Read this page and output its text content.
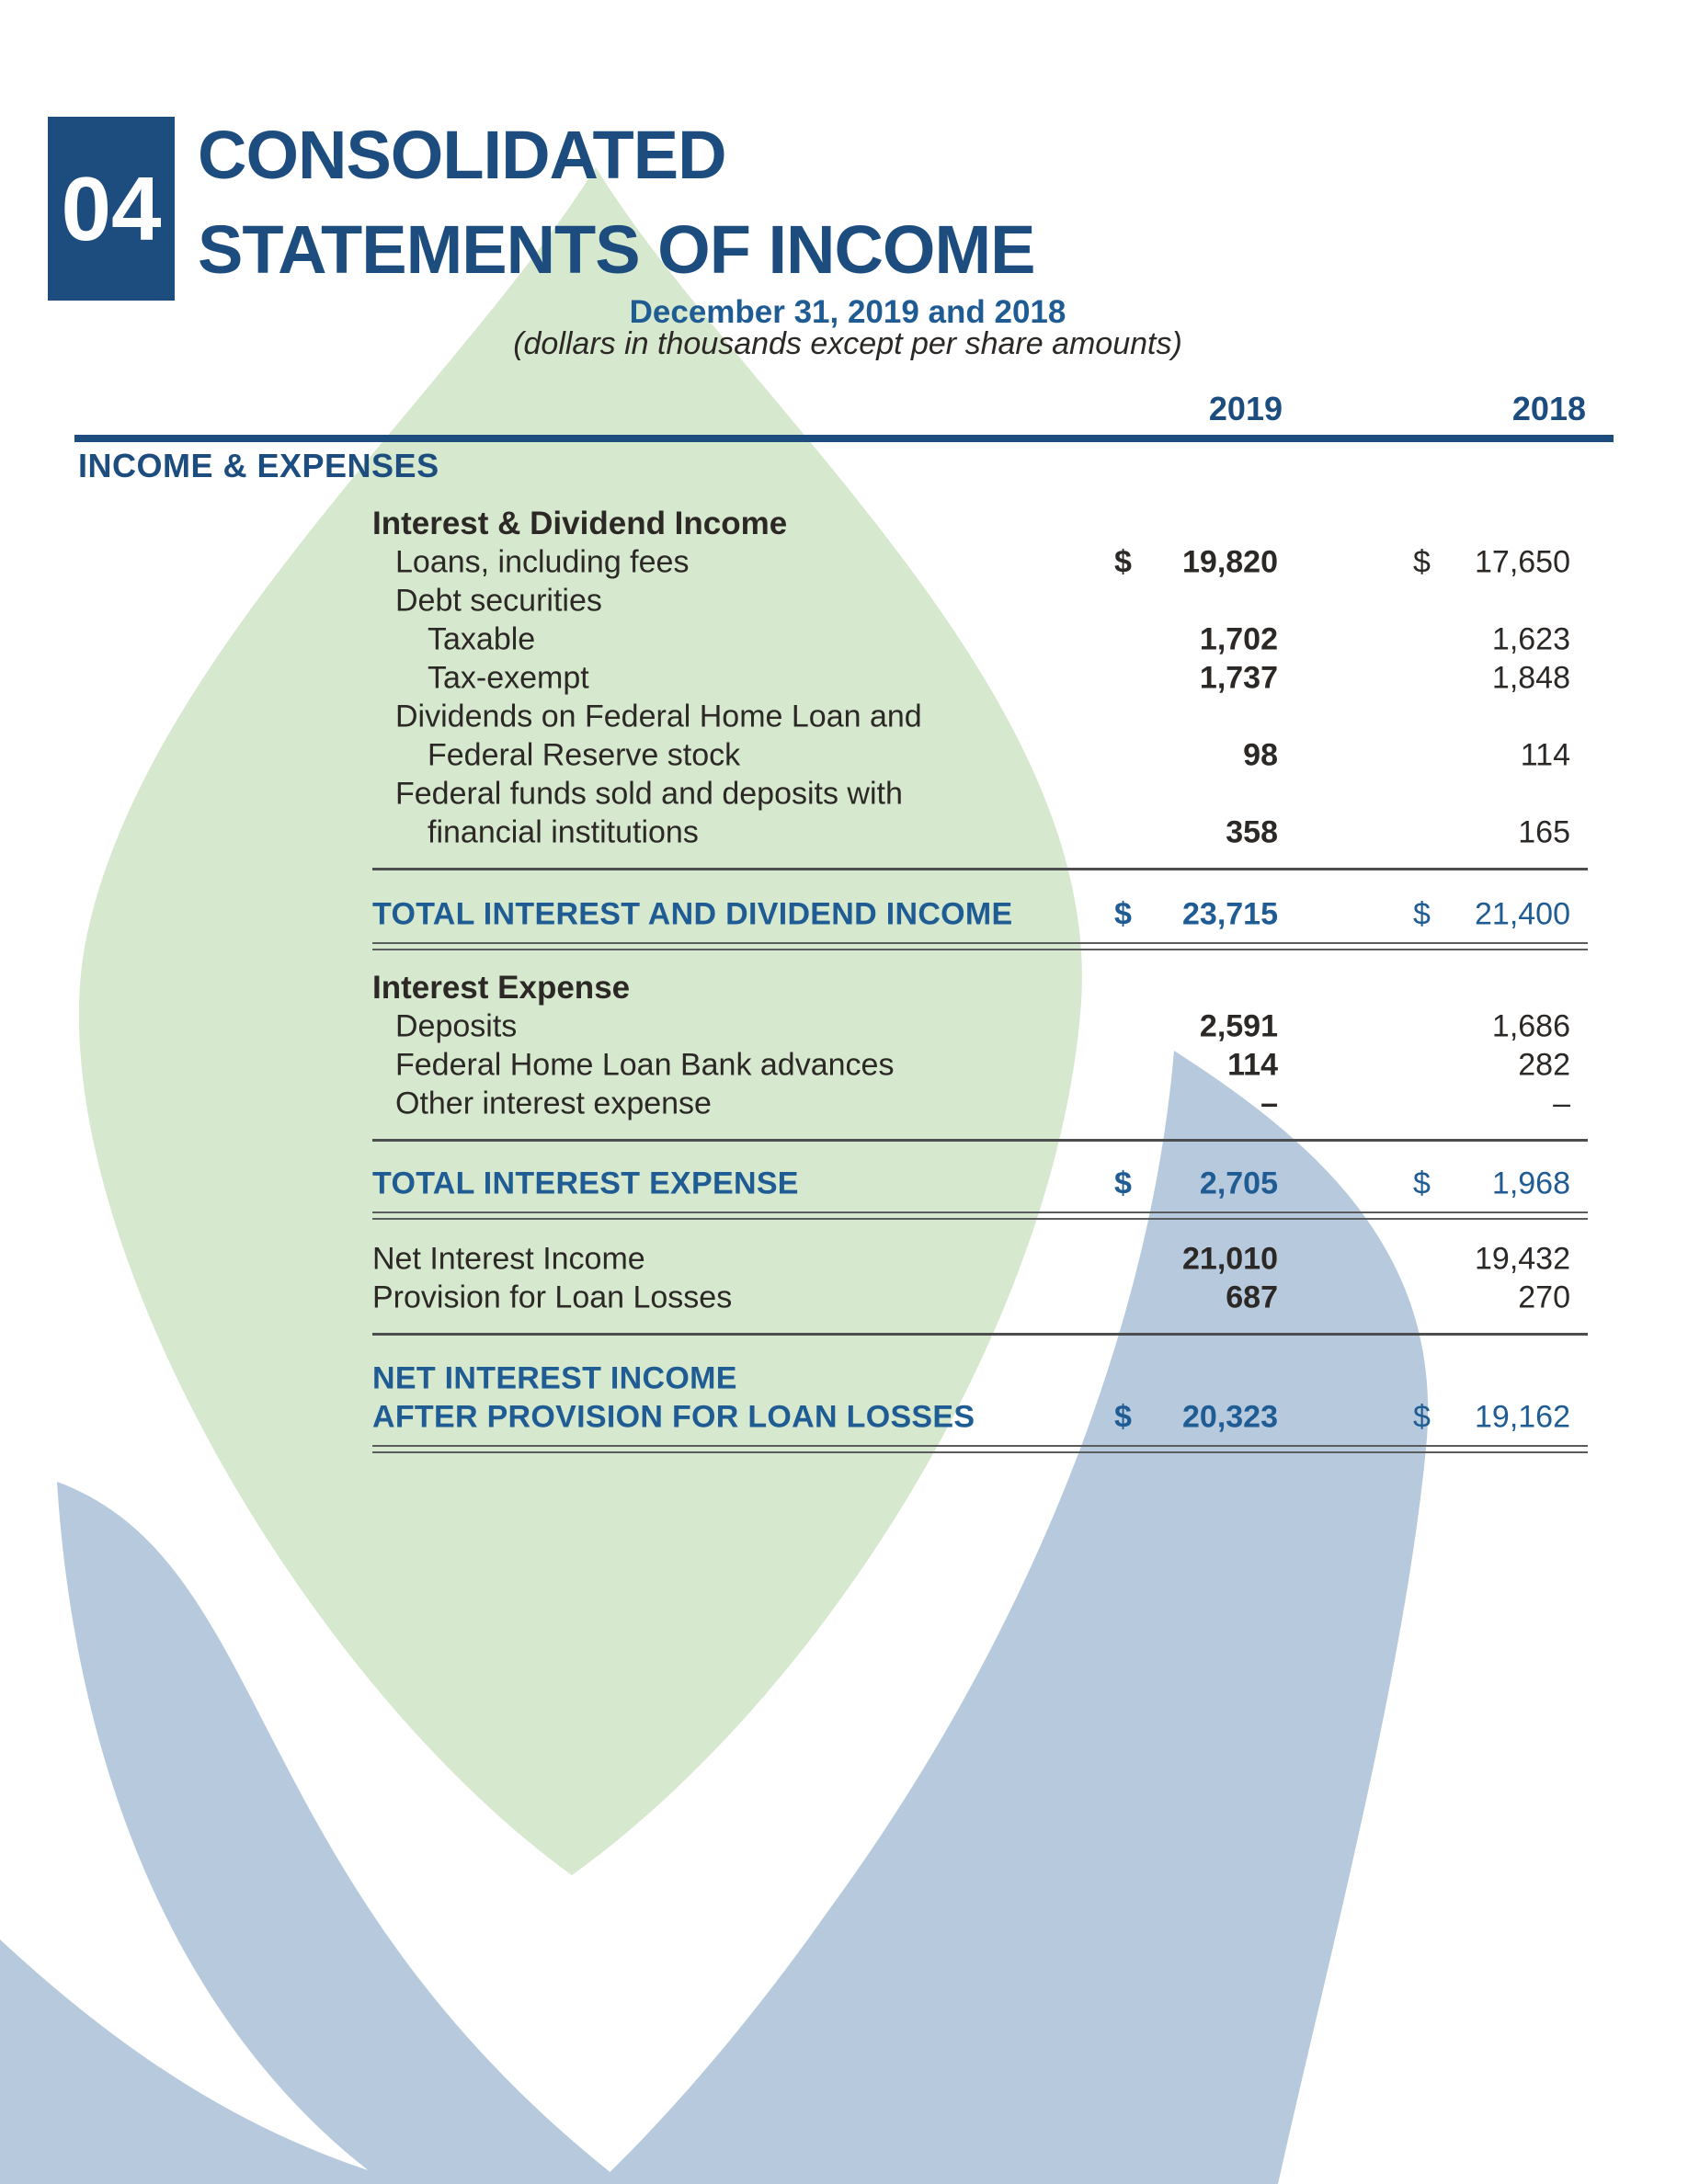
04
CONSOLIDATED
STATEMENTS OF INCOME
December 31, 2019 and 2018
(dollars in thousands except per share amounts)
2019	2018
INCOME & EXPENSES
Interest & Dividend Income
Loans, including fees	$ 19,820	$ 17,650
Debt securities
Taxable	1,702	1,623
Tax-exempt	1,737	1,848
Dividends on Federal Home Loan and
Federal Reserve stock	98	114
Federal funds sold and deposits with
financial institutions	358	165
TOTAL INTEREST AND DIVIDEND INCOME	$ 23,715	$ 21,400
Interest Expense
Deposits	2,591	1,686
Federal Home Loan Bank advances	114	282
Other interest expense	–	–
TOTAL INTEREST EXPENSE	$ 2,705	$ 1,968
Net Interest Income	21,010	19,432
Provision for Loan Losses	687	270
NET INTEREST INCOME
AFTER PROVISION FOR LOAN LOSSES	$ 20,323	$ 19,162
